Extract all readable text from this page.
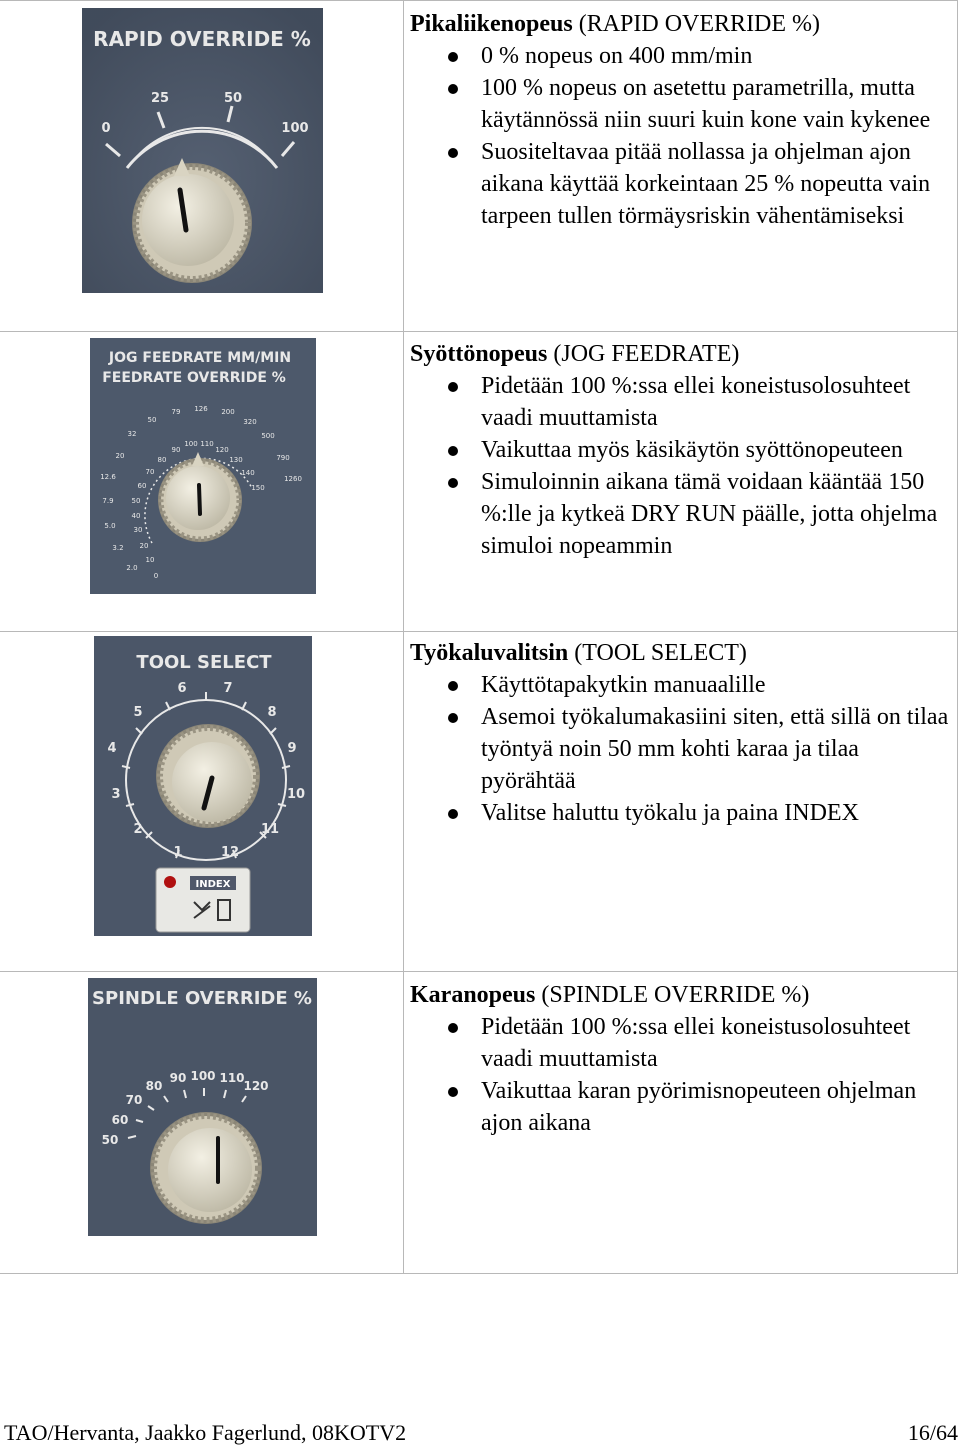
RAPID OVERRIDE %
0
25	50
100

Pikaliikenopeus (RAPID OVERRIDE %)

0 % nopeus on 400 mm/min
100 % nopeus on asetettu parametrilla, mutta käytännössä niin suuri kuin kone vain kykenee
Suositeltavaa pitää nollassa ja ohjelman ajon aikana käyttää korkeintaan 25 % nopeutta vain tarpeen tullen törmäysriskin vähentämiseksi
JOG FEEDRATE MM/MIN
FEEDRATE OVERRIDE %
2.0
3.2
5.0
7.9
12.6
20
32
50
79 126 200
320
500
790
1260
0
10
20
30
40
50
60
70
80
90
100 110
120
130
140
150

Syöttönopeus (JOG FEEDRATE)

Pidetään 100 %:ssa ellei koneistusolosuhteet vaadi muuttamista
Vaikuttaa myös käsikäytön syöttönopeuteen
Simuloinnin aikana tämä voidaan kääntää 150 %:lle ja kytkeä DRY RUN päälle, jotta ohjelma simuloi nopeammin
TOOL SELECT
1
2
3
4
5
6	7
8
9
10
11
12
INDEX

Työkaluvalitsin (TOOL SELECT)

Käyttötapakytkin manuaalille
Asemoi työkalumakasiini siten, että sillä on tilaa työntyä noin 50 mm kohti karaa ja tilaa pyörähtää
Valitse haluttu työkalu ja paina INDEX
SPINDLE OVERRIDE %
50
60
70
80
90 100 110
120

Karanopeus (SPINDLE OVERRIDE %)

Pidetään 100 %:ssa ellei koneistusolosuhteet vaadi muuttamista
Vaikuttaa karan pyörimisnopeuteen ohjelman ajon aikana
TAO/Hervanta, Jaakko Fagerlund, 08KOTV2	16/64
